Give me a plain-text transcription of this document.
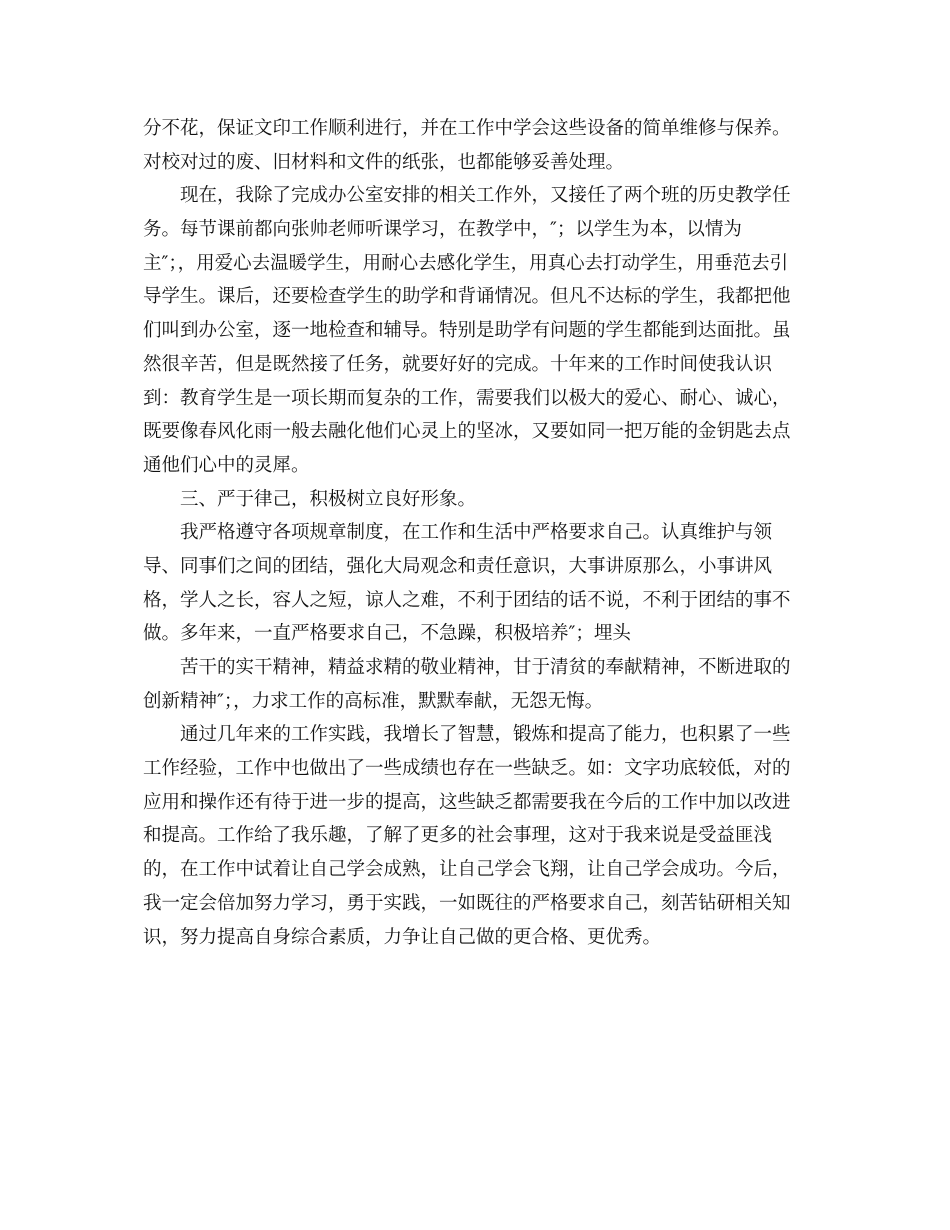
分不花，保证文印工作顺利进行，并在工作中学会这些设备的简单维修与保养。
对校对过的废、旧材料和文件的纸张，也都能够妥善处理。
现在，我除了完成办公室安排的相关工作外，又接任了两个班的历史教学任
务。每节课前都向张帅老师听课学习，在教学中，″；以学生为本，以情为
主″；，用爱心去温暖学生，用耐心去感化学生，用真心去打动学生，用垂范去引
导学生。课后，还要检查学生的助学和背诵情况。但凡不达标的学生，我都把他
们叫到办公室，逐一地检查和辅导。特别是助学有问题的学生都能到达面批。虽
然很辛苦，但是既然接了任务，就要好好的完成。十年来的工作时间使我认识
到：教育学生是一项长期而复杂的工作，需要我们以极大的爱心、耐心、诚心，
既要像春风化雨一般去融化他们心灵上的坚冰，又要如同一把万能的金钥匙去点
通他们心中的灵犀。
三、严于律己，积极树立良好形象。
我严格遵守各项规章制度，在工作和生活中严格要求自己。认真维护与领
导、同事们之间的团结，强化大局观念和责任意识，大事讲原那么，小事讲风
格，学人之长，容人之短，谅人之难，不利于团结的话不说，不利于团结的事不
做。多年来，一直严格要求自己，不急躁，积极培养″；埋头
苦干的实干精神，精益求精的敬业精神，甘于清贫的奉献精神，不断进取的
创新精神″；，力求工作的高标准，默默奉献，无怨无悔。
通过几年来的工作实践，我增长了智慧，锻炼和提高了能力，也积累了一些
工作经验，工作中也做出了一些成绩也存在一些缺乏。如：文字功底较低，对的
应用和操作还有待于进一步的提高，这些缺乏都需要我在今后的工作中加以改进
和提高。工作给了我乐趣，了解了更多的社会事理，这对于我来说是受益匪浅
的，在工作中试着让自己学会成熟，让自己学会飞翔，让自己学会成功。今后，
我一定会倍加努力学习，勇于实践，一如既往的严格要求自己，刻苦钻研相关知
识，努力提高自身综合素质，力争让自己做的更合格、更优秀。
